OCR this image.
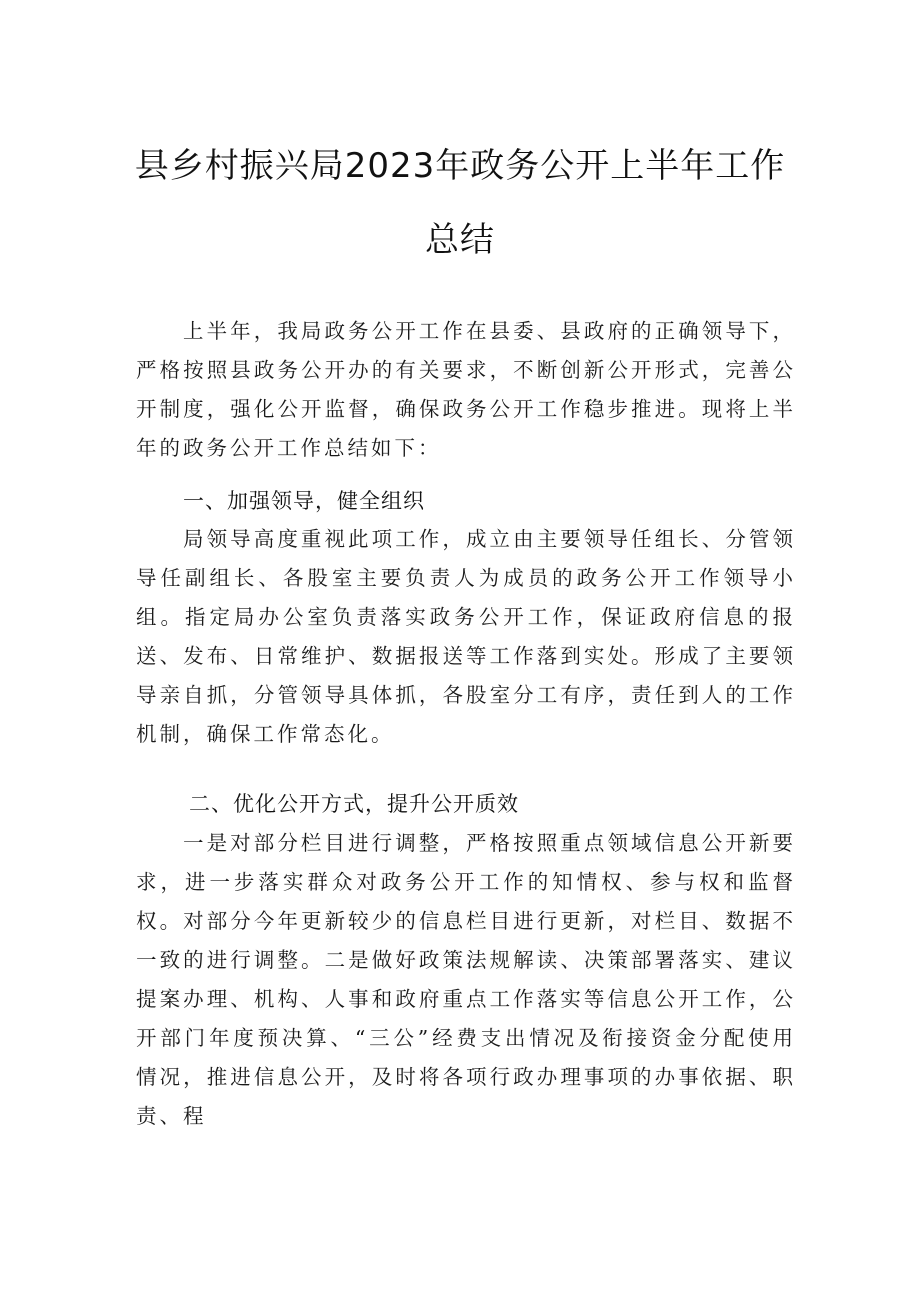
县乡村振兴局2023年政务公开上半年工作
总结

上半年，我局政务公开工作在县委、县政府的正确领导下，严格按照县政务公开办的有关要求，不断创新公开形式，完善公开制度，强化公开监督，确保政务公开工作稳步推进。现将上半年的政务公开工作总结如下：

一、加强领导，健全组织

局领导高度重视此项工作，成立由主要领导任组长、分管领导任副组长、各股室主要负责人为成员的政务公开工作领导小组。指定局办公室负责落实政务公开工作，保证政府信息的报送、发布、日常维护、数据报送等工作落到实处。形成了主要领导亲自抓，分管领导具体抓，各股室分工有序，责任到人的工作机制，确保工作常态化。

二、优化公开方式，提升公开质效

一是对部分栏目进行调整，严格按照重点领域信息公开新要求，进一步落实群众对政务公开工作的知情权、参与权和监督权。对部分今年更新较少的信息栏目进行更新，对栏目、数据不一致的进行调整。二是做好政策法规解读、决策部署落实、建议提案办理、机构、人事和政府重点工作落实等信息公开工作，公开部门年度预决算、“三公”经费支出情况及衔接资金分配使用情况，推进信息公开，及时将各项行政办理事项的办事依据、职责、程
